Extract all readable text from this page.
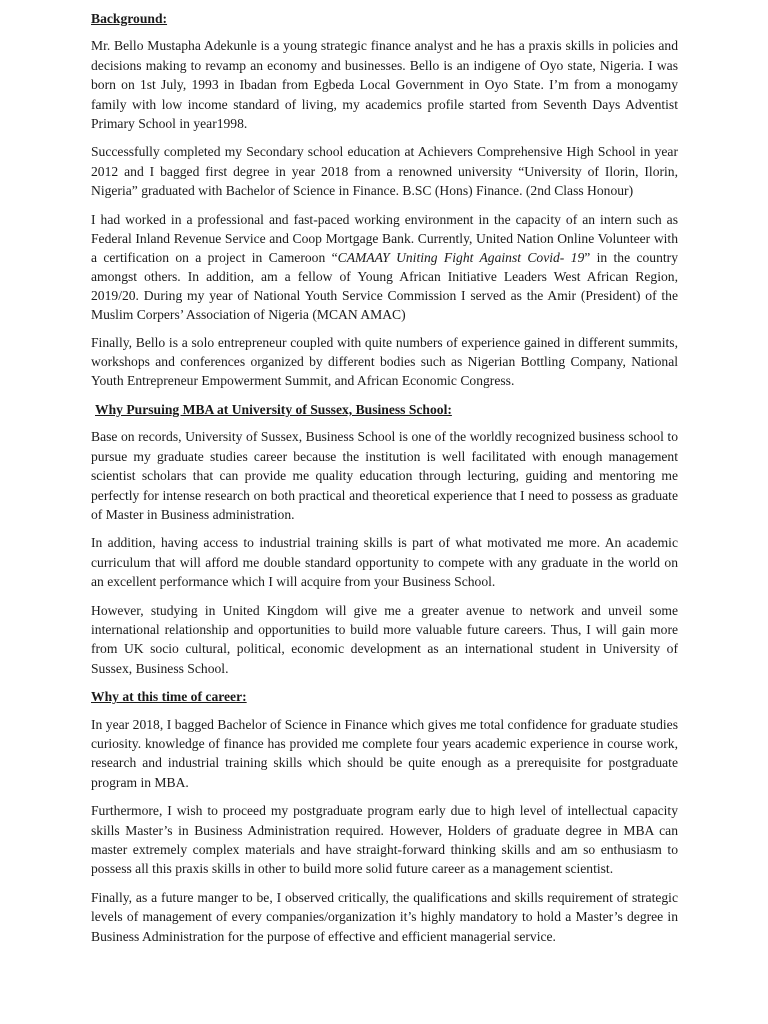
Background:

Mr. Bello Mustapha Adekunle is a young strategic finance analyst and he has a praxis skills in policies and decisions making to revamp an economy and businesses. Bello is an indigene of Oyo state, Nigeria. I was born on 1st July, 1993 in Ibadan from Egbeda Local Government in Oyo State. I’m from a monogamy family with low income standard of living, my academics profile started from Seventh Days Adventist Primary School in year1998.

Successfully completed my Secondary school education at Achievers Comprehensive High School in year 2012 and I bagged first degree in year 2018 from a renowned university “University of Ilorin, Ilorin, Nigeria” graduated with Bachelor of Science in Finance. B.SC (Hons) Finance. (2nd Class Honour)

I had worked in a professional and fast-paced working environment in the capacity of an intern such as Federal Inland Revenue Service and Coop Mortgage Bank. Currently, United Nation Online Volunteer with a certification on a project in Cameroon “CAMAAY Uniting Fight Against Covid- 19” in the country amongst others. In addition, am a fellow of Young African Initiative Leaders West African Region, 2019/20. During my year of National Youth Service Commission I served as the Amir (President) of the Muslim Corpers’ Association of Nigeria (MCAN AMAC)

Finally, Bello is a solo entrepreneur coupled with quite numbers of experience gained in different summits, workshops and conferences organized by different bodies such as Nigerian Bottling Company, National Youth Entrepreneur Empowerment Summit, and African Economic Congress.

Why Pursuing MBA at University of Sussex, Business School:

Base on records, University of Sussex, Business School is one of the worldly recognized business school to pursue my graduate studies career because the institution is well facilitated with enough management scientist scholars that can provide me quality education through lecturing, guiding and mentoring me perfectly for intense research on both practical and theoretical experience that I need to possess as graduate of Master in Business administration.

In addition, having access to industrial training skills is part of what motivated me more. An academic curriculum that will afford me double standard opportunity to compete with any graduate in the world on an excellent performance which I will acquire from your Business School.

However, studying in United Kingdom will give me a greater avenue to network and unveil some international relationship and opportunities to build more valuable future careers. Thus, I will gain more from UK socio cultural, political, economic development as an international student in University of Sussex, Business School.

Why at this time of career:

In year 2018, I bagged Bachelor of Science in Finance which gives me total confidence for graduate studies curiosity. knowledge of finance has provided me complete four years academic experience in course work, research and industrial training skills which should be quite enough as a prerequisite for postgraduate program in MBA.

Furthermore, I wish to proceed my postgraduate program early due to high level of intellectual capacity skills Master’s in Business Administration required. However, Holders of graduate degree in MBA can master extremely complex materials and have straight-forward thinking skills and am so enthusiasm to possess all this praxis skills in other to build more solid future career as a management scientist.

Finally, as a future manger to be, I observed critically, the qualifications and skills requirement of strategic levels of management of every companies/organization it’s highly mandatory to hold a Master’s degree in Business Administration for the purpose of effective and efficient managerial service.
